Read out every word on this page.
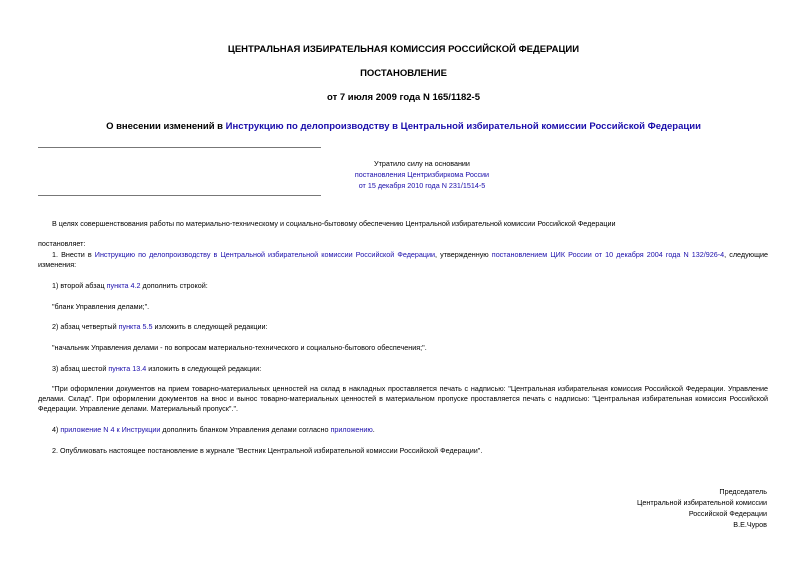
ЦЕНТРАЛЬНАЯ ИЗБИРАТЕЛЬНАЯ КОМИССИЯ РОССИЙСКОЙ ФЕДЕРАЦИИ
ПОСТАНОВЛЕНИЕ
от 7 июля 2009 года N 165/1182-5
О внесении изменений в Инструкцию по делопроизводству в Центральной избирательной комиссии Российской Федерации
Утратило силу на основании
постановления Центризбиркома России
от 15 декабря 2010 года N 231/1514-5
В целях совершенствования работы по материально-техническому и социально-бытовому обеспечению Центральной избирательной комиссии Российской Федерации
постановляет:
1. Внести в Инструкцию по делопроизводству в Центральной избирательной комиссии Российской Федерации, утвержденную постановлением ЦИК России от 10 декабря 2004 года N 132/926-4, следующие изменения:
1) второй абзац пункта 4.2 дополнить строкой:
"бланк Управления делами;".
2) абзац четвертый пункта 5.5 изложить в следующей редакции:
"начальник Управления делами - по вопросам материально-технического и социально-бытового обеспечения;".
3) абзац шестой пункта 13.4 изложить в следующей редакции:
"При оформлении документов на прием товарно-материальных ценностей на склад в накладных проставляется печать с надписью: "Центральная избирательная комиссия Российской Федерации. Управление делами. Склад". При оформлении документов на внос и вынос товарно-материальных ценностей в материальном пропуске проставляется печать с надписью: "Центральная избирательная комиссия Российской Федерации. Управление делами. Материальный пропуск".".
4) приложение N 4 к Инструкции дополнить бланком Управления делами согласно приложению.
2. Опубликовать настоящее постановление в журнале "Вестник Центральной избирательной комиссии Российской Федерации".
Председатель
Центральной избирательной комиссии
Российской Федерации
В.Е.Чуров
